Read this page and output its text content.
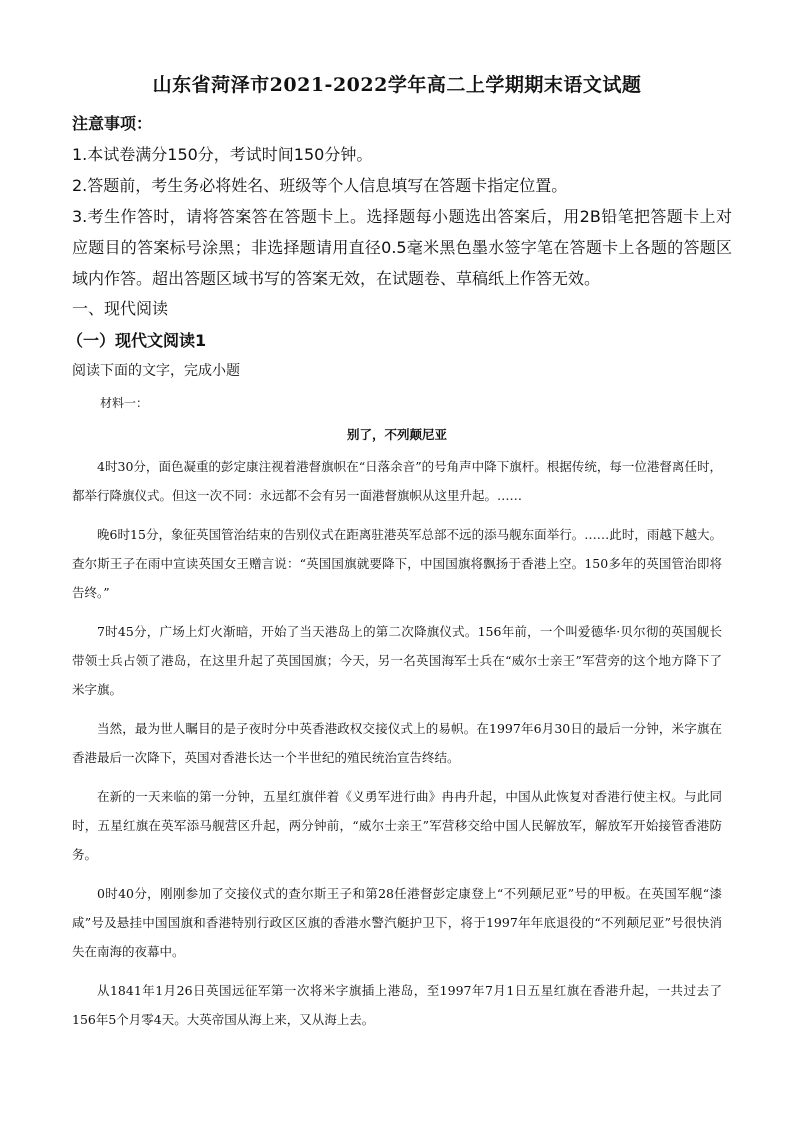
山东省菏泽市2021-2022学年高二上学期期末语文试题
注意事项：
1.本试卷满分150分，考试时间150分钟。
2.答题前，考生务必将姓名、班级等个人信息填写在答题卡指定位置。
3.考生作答时，请将答案答在答题卡上。选择题每小题选出答案后，用2B铅笔把答题卡上对应题目的答案标号涂黑；非选择题请用直径0.5毫米黑色墨水签字笔在答题卡上各题的答题区域内作答。超出答题区域书写的答案无效，在试题卷、草稿纸上作答无效。
一、现代阅读
（一）现代文阅读1
阅读下面的文字，完成小题
材料一：
别了，不列颠尼亚

4时30分，面色凝重的彭定康注视着港督旗帜在“日落余音”的号角声中降下旗杆。根据传统，每一位港督离任时，都举行降旗仪式。但这一次不同：永远都不会有另一面港督旗帜从这里升起。……

晚6时15分，象征英国管治结束的告别仪式在距离驻港英军总部不远的添马舰东面举行。……此时，雨越下越大。查尔斯王子在雨中宣读英国女王赠言说：“英国国旗就要降下，中国国旗将飘扬于香港上空。150多年的英国管治即将告终。”

7时45分，广场上灯火渐暗，开始了当天港岛上的第二次降旗仪式。156年前，一个叫爱德华·贝尔彻的英国舰长带领士兵占领了港岛，在这里升起了英国国旗；今天，另一名英国海军士兵在“威尔士亲王”军营旁的这个地方降下了米字旗。

当然，最为世人瞩目的是子夜时分中英香港政权交接仪式上的易帜。在1997年6月30日的最后一分钟，米字旗在香港最后一次降下，英国对香港长达一个半世纪的殖民统治宣告终结。

在新的一天来临的第一分钟，五星红旗伴着《义勇军进行曲》冉冉升起，中国从此恢复对香港行使主权。与此同时，五星红旗在英军添马舰营区升起，两分钟前，“威尔士亲王”军营移交给中国人民解放军，解放军开始接管香港防务。

0时40分，刚刚参加了交接仪式的查尔斯王子和第28任港督彭定康登上“不列颠尼亚”号的甲板。在英国军舰“漆咸”号及悬挂中国国旗和香港特别行政区区旗的香港水警汽艇护卫下，将于1997年年底退役的“不列颠尼亚”号很快消失在南海的夜幕中。

从1841年1月26日英国远征军第一次将米字旗插上港岛，至1997年7月1日五星红旗在香港升起，一共过去了156年5个月零4天。大英帝国从海上来，又从海上去。
